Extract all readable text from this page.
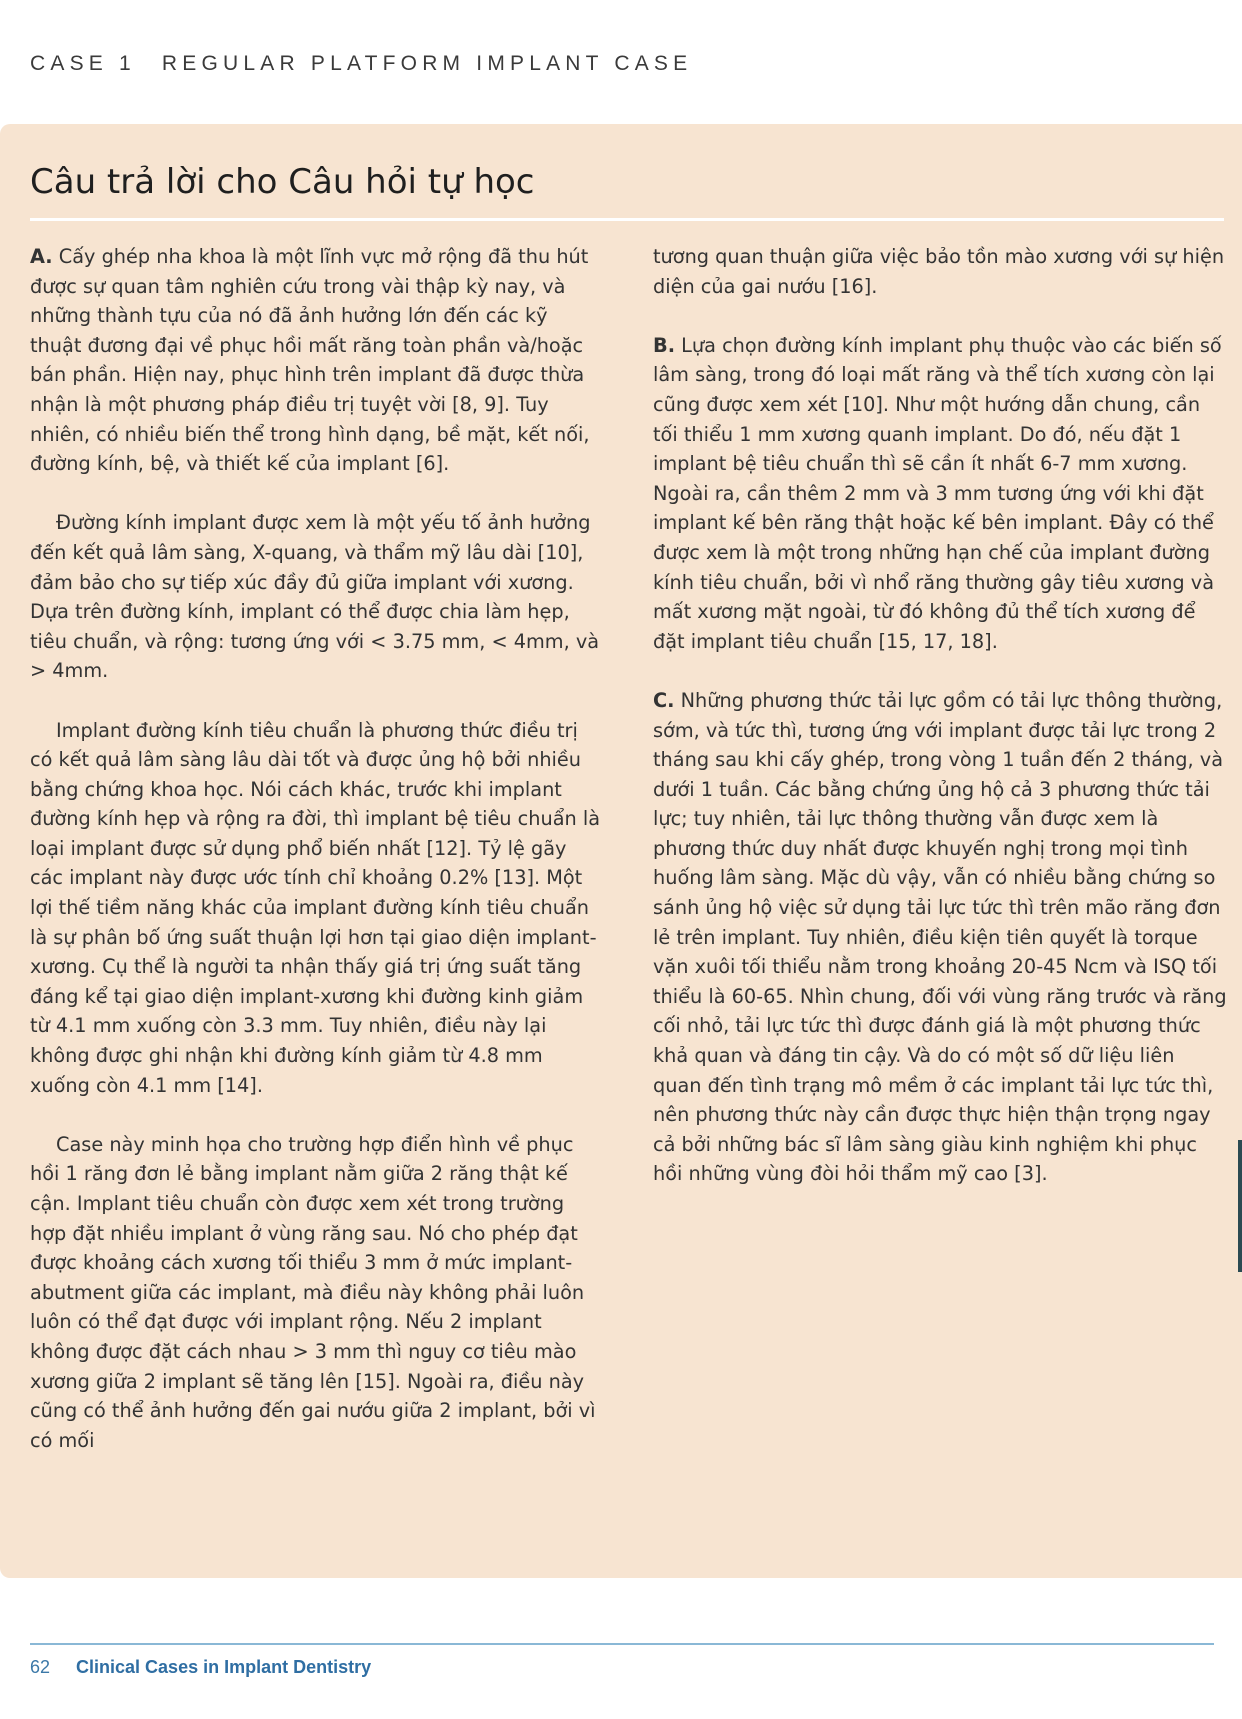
CASE 1 REGULAR PLATFORM IMPLANT CASE
Câu trả lời cho Câu hỏi tự học

A. Cấy ghép nha khoa là một lĩnh vực mở rộng đã thu hút được sự quan tâm nghiên cứu trong vài thập kỳ nay, và những thành tựu của nó đã ảnh hưởng lớn đến các kỹ thuật đương đại về phục hồi mất răng toàn phần và/hoặc bán phần. Hiện nay, phục hình trên implant đã được thừa nhận là một phương pháp điều trị tuyệt vời [8, 9]. Tuy nhiên, có nhiều biến thể trong hình dạng, bề mặt, kết nối, đường kính, bệ, và thiết kế của implant [6].

Đường kính implant được xem là một yếu tố ảnh hưởng đến kết quả lâm sàng, X-quang, và thẩm mỹ lâu dài [10], đảm bảo cho sự tiếp xúc đầy đủ giữa implant với xương. Dựa trên đường kính, implant có thể được chia làm hẹp, tiêu chuẩn, và rộng: tương ứng với < 3.75 mm, < 4mm, và > 4mm.

Implant đường kính tiêu chuẩn là phương thức điều trị có kết quả lâm sàng lâu dài tốt và được ủng hộ bởi nhiều bằng chứng khoa học. Nói cách khác, trước khi implant đường kính hẹp và rộng ra đời, thì implant bệ tiêu chuẩn là loại implant được sử dụng phổ biến nhất [12]. Tỷ lệ gãy các implant này được ước tính chỉ khoảng 0.2% [13]. Một lợi thế tiềm năng khác của implant đường kính tiêu chuẩn là sự phân bố ứng suất thuận lợi hơn tại giao diện implant-xương. Cụ thể là người ta nhận thấy giá trị ứng suất tăng đáng kể tại giao diện implant-xương khi đường kinh giảm từ 4.1 mm xuống còn 3.3 mm. Tuy nhiên, điều này lại không được ghi nhận khi đường kính giảm từ 4.8 mm xuống còn 4.1 mm [14].

Case này minh họa cho trường hợp điển hình về phục hồi 1 răng đơn lẻ bằng implant nằm giữa 2 răng thật kế cận. Implant tiêu chuẩn còn được xem xét trong trường hợp đặt nhiều implant ở vùng răng sau. Nó cho phép đạt được khoảng cách xương tối thiểu 3 mm ở mức implant-abutment giữa các implant, mà điều này không phải luôn luôn có thể đạt được với implant rộng. Nếu 2 implant không được đặt cách nhau > 3 mm thì nguy cơ tiêu mào xương giữa 2 implant sẽ tăng lên [15]. Ngoài ra, điều này cũng có thể ảnh hưởng đến gai nướu giữa 2 implant, bởi vì có mối

tương quan thuận giữa việc bảo tồn mào xương với sự hiện diện của gai nướu [16].

B. Lựa chọn đường kính implant phụ thuộc vào các biến số lâm sàng, trong đó loại mất răng và thể tích xương còn lại cũng được xem xét [10]. Như một hướng dẫn chung, cần tối thiểu 1 mm xương quanh implant. Do đó, nếu đặt 1 implant bệ tiêu chuẩn thì sẽ cần ít nhất 6-7 mm xương. Ngoài ra, cần thêm 2 mm và 3 mm tương ứng với khi đặt implant kế bên răng thật hoặc kế bên implant. Đây có thể được xem là một trong những hạn chế của implant đường kính tiêu chuẩn, bởi vì nhổ răng thường gây tiêu xương và mất xương mặt ngoài, từ đó không đủ thể tích xương để đặt implant tiêu chuẩn [15, 17, 18].

C. Những phương thức tải lực gồm có tải lực thông thường, sớm, và tức thì, tương ứng với implant được tải lực trong 2 tháng sau khi cấy ghép, trong vòng 1 tuần đến 2 tháng, và dưới 1 tuần. Các bằng chứng ủng hộ cả 3 phương thức tải lực; tuy nhiên, tải lực thông thường vẫn được xem là phương thức duy nhất được khuyến nghị trong mọi tình huống lâm sàng. Mặc dù vậy, vẫn có nhiều bằng chứng so sánh ủng hộ việc sử dụng tải lực tức thì trên mão răng đơn lẻ trên implant. Tuy nhiên, điều kiện tiên quyết là torque vặn xuôi tối thiểu nằm trong khoảng 20-45 Ncm và ISQ tối thiểu là 60-65. Nhìn chung, đối với vùng răng trước và răng cối nhỏ, tải lực tức thì được đánh giá là một phương thức khả quan và đáng tin cậy. Và do có một số dữ liệu liên quan đến tình trạng mô mềm ở các implant tải lực tức thì, nên phương thức này cần được thực hiện thận trọng ngay cả bởi những bác sĩ lâm sàng giàu kinh nghiệm khi phục hồi những vùng đòi hỏi thẩm mỹ cao [3].

62 Clinical Cases in Implant Dentistry
